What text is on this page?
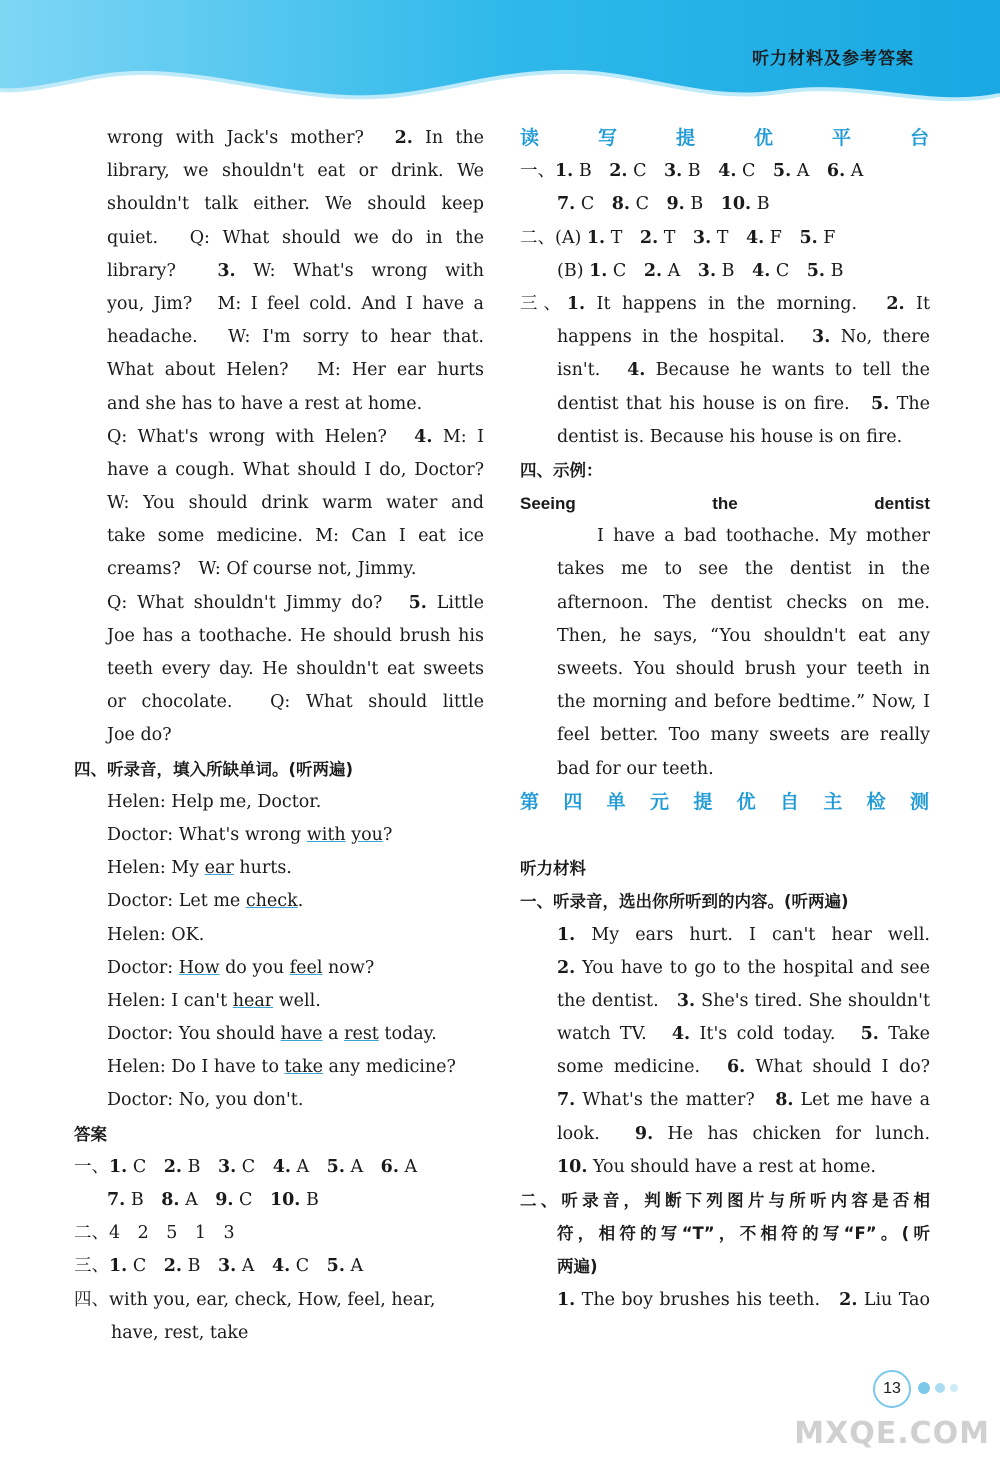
听力材料及参考答案
wrong with Jack's mother?　2. In the
library, we shouldn't eat or drink. We
shouldn't talk either. We should keep
quiet.　Q: What should we do in the
library?　3. W: What's wrong with
you, Jim?　M: I feel cold. And I have a
headache.　W: I'm sorry to hear that.
What about Helen?　M: Her ear hurts
and she has to have a rest at home.
Q: What's wrong with Helen?　4. M: I
have a cough. What should I do, Doctor?
W: You should drink warm water and
take some medicine. M: Can I eat ice
creams?　W: Of course not, Jimmy.
Q: What shouldn't Jimmy do?　5. Little
Joe has a toothache. He should brush his
teeth every day. He shouldn't eat sweets
or chocolate.　Q: What should little
Joe do?
四、听录音，填入所缺单词。(听两遍)
Helen: Help me, Doctor.
Doctor: What's wrong with you?
Helen: My ear hurts.
Doctor: Let me check.
Helen: OK.
Doctor: How do you feel now?
Helen: I can't hear well.
Doctor: You should have a rest today.
Helen: Do I have to take any medicine?
Doctor: No, you don't.
答案
一、1. C　2. B　3. C　4. A　5. A　6. A
7. B　8. A　9. C　10. B
二、4　2　5　1　3
三、1. C　2. B　3. A　4. C　5. A
四、with you, ear, check, How, feel, hear,
have, rest, take
读写提优平台
一、1. B　2. C　3. B　4. C　5. A　6. A
7. C　8. C　9. B　10. B
二、(A) 1. T　2. T　3. T　4. F　5. F
(B) 1. C　2. A　3. B　4. C　5. B
三、1. It happens in the morning.　2. It
happens in the hospital.　3. No, there
isn't.　4. Because he wants to tell the
dentist that his house is on fire.　5. The
dentist is. Because his house is on fire.
四、示例：
Seeing the dentist
I have a bad toothache. My mother
takes me to see the dentist in the
afternoon. The dentist checks on me.
Then, he says, “You shouldn't eat any
sweets. You should brush your teeth in
the morning and before bedtime.” Now, I
feel better. Too many sweets are really
bad for our teeth.
第四单元提优自主检测
听力材料
一、听录音，选出你所听到的内容。(听两遍)
1. My ears hurt. I can't hear well.
2. You have to go to the hospital and see
the dentist.　3. She's tired. She shouldn't
watch TV.　4. It's cold today.　5. Take
some medicine.　6. What should I do?
7. What's the matter?　8. Let me have a
look.　9. He has chicken for lunch.
10. You should have a rest at home.
二、听录音，判断下列图片与所听内容是否相
符，相符的写“T”，不相符的写“F”。(听
两遍)
1. The boy brushes his teeth.　2. Liu Tao
13
MXQE.COM
